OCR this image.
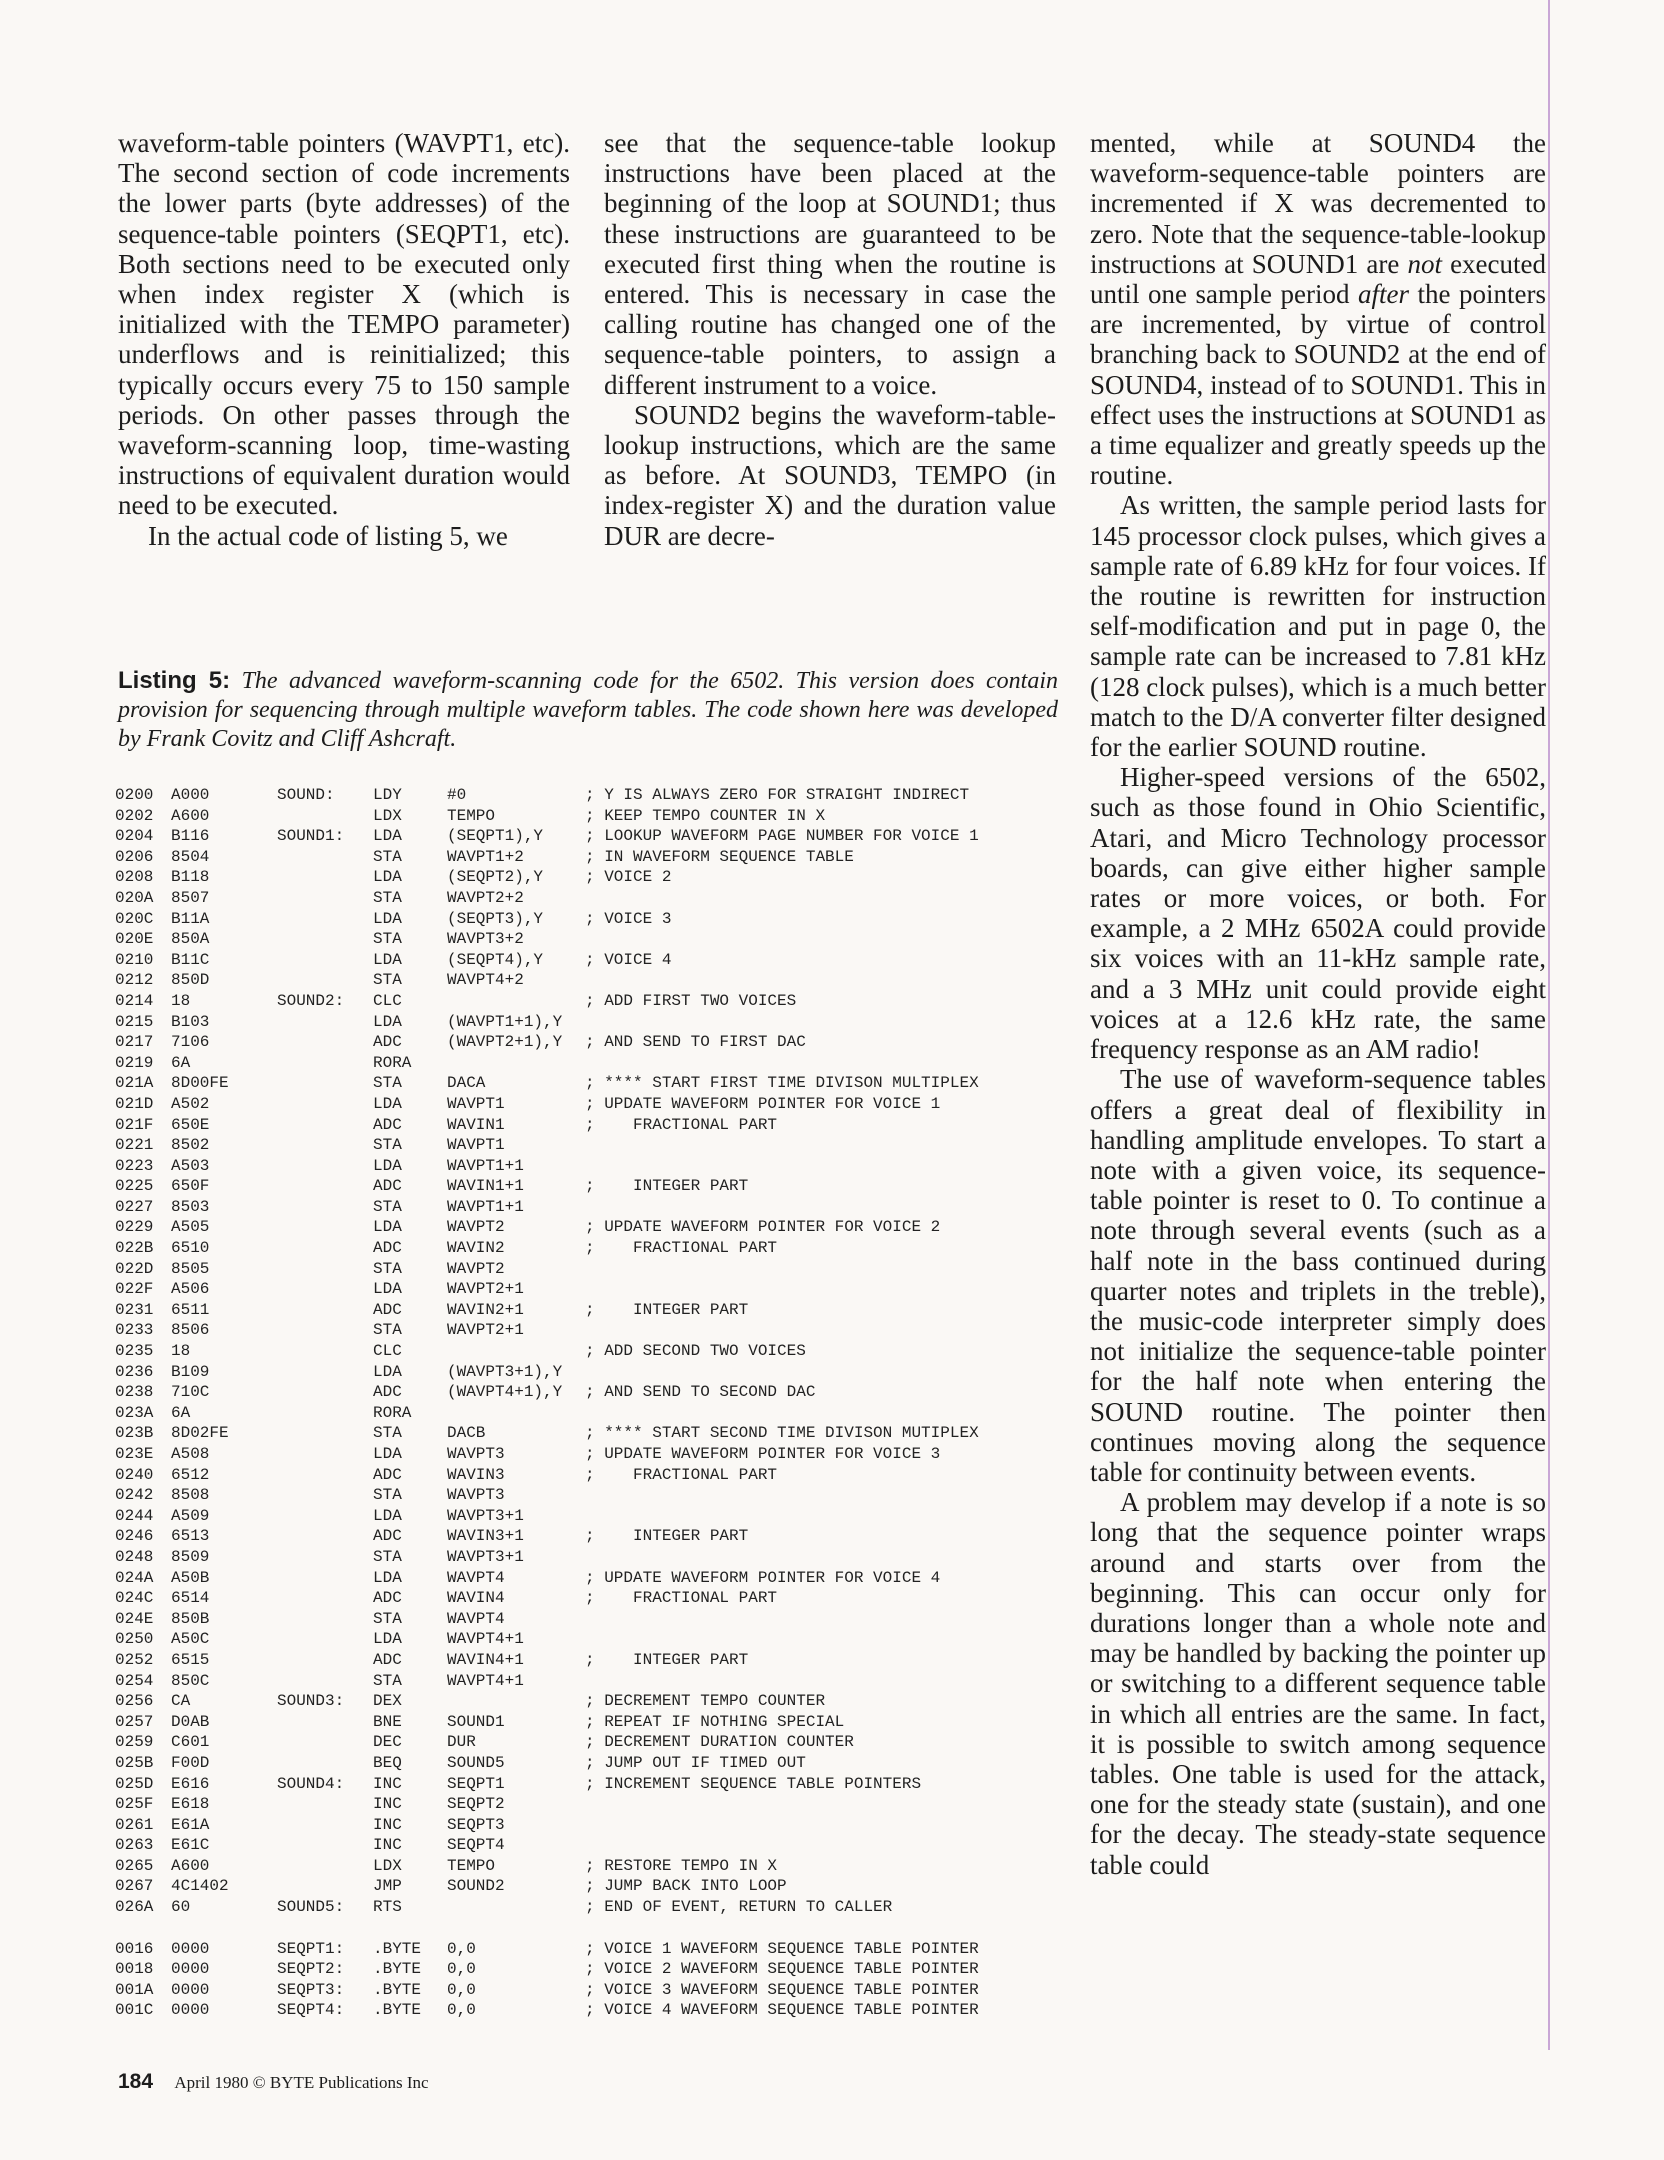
waveform-table pointers (WAVPT1, etc). The second section of code increments the lower parts (byte addresses) of the sequence-table pointers (SEQPT1, etc). Both sections need to be executed only when index register X (which is initialized with the TEMPO parameter) underflows and is reinitialized; this typically occurs every 75 to 150 sample periods. On other passes through the waveform-scanning loop, time-wasting instructions of equivalent duration would need to be executed.

In the actual code of listing 5, we

see that the sequence-table lookup instructions have been placed at the beginning of the loop at SOUND1; thus these instructions are guaranteed to be executed first thing when the routine is entered. This is necessary in case the calling routine has changed one of the sequence-table pointers, to assign a different instrument to a voice.

SOUND2 begins the waveform-table-lookup instructions, which are the same as before. At SOUND3, TEMPO (in index-register X) and the duration value DUR are decre-

mented, while at SOUND4 the waveform-sequence-table pointers are incremented if X was decremented to zero. Note that the sequence-table-lookup instructions at SOUND1 are not executed until one sample period after the pointers are incremented, by virtue of control branching back to SOUND2 at the end of SOUND4, instead of to SOUND1. This in effect uses the instructions at SOUND1 as a time equalizer and greatly speeds up the routine.

As written, the sample period lasts for 145 processor clock pulses, which gives a sample rate of 6.89 kHz for four voices. If the routine is rewritten for instruction self-modification and put in page 0, the sample rate can be increased to 7.81 kHz (128 clock pulses), which is a much better match to the D/A converter filter designed for the earlier SOUND routine.

Higher-speed versions of the 6502, such as those found in Ohio Scientific, Atari, and Micro Technology processor boards, can give either higher sample rates or more voices, or both. For example, a 2 MHz 6502A could provide six voices with an 11-kHz sample rate, and a 3 MHz unit could provide eight voices at a 12.6 kHz rate, the same frequency response as an AM radio!

The use of waveform-sequence tables offers a great deal of flexibility in handling amplitude envelopes. To start a note with a given voice, its sequence-table pointer is reset to 0. To continue a note through several events (such as a half note in the bass continued during quarter notes and triplets in the treble), the music-code interpreter simply does not initialize the sequence-table pointer for the half note when entering the SOUND routine. The pointer then continues moving along the sequence table for continuity between events.

A problem may develop if a note is so long that the sequence pointer wraps around and starts over from the beginning. This can occur only for durations longer than a whole note and may be handled by backing the pointer up or switching to a different sequence table in which all entries are the same. In fact, it is possible to switch among sequence tables. One table is used for the attack, one for the steady state (sustain), and one for the decay. The steady-state sequence table could

Listing 5: The advanced waveform-scanning code for the 6502. This version does contain provision for sequencing through multiple waveform tables. The code shown here was developed by Frank Covitz and Cliff Ashcraft.
0200 A000	SOUND: LDY	#0	; Y IS ALWAYS ZERO FOR STRAIGHT INDIRECT
0202 A600	LDX	TEMPO	; KEEP TEMPO COUNTER IN X
0204 B116	SOUND1: LDA	(SEQPT1),Y	; LOOKUP WAVEFORM PAGE NUMBER FOR VOICE 1
0206 8504	STA	WAVPT1+2	; IN WAVEFORM SEQUENCE TABLE
0208 B118	LDA	(SEQPT2),Y	; VOICE 2
020A 8507	STA	WAVPT2+2
020C B11A	LDA	(SEQPT3),Y	; VOICE 3
020E 850A	STA	WAVPT3+2
0210 B11C	LDA	(SEQPT4),Y	; VOICE 4
0212 850D	STA	WAVPT4+2
0214 18	SOUND2: CLC	; ADD FIRST TWO VOICES
0215 B103	LDA	(WAVPT1+1),Y
0217 7106	ADC	(WAVPT2+1),Y ; AND SEND TO FIRST DAC
0219 6A	RORA
021A 8D00FE	STA	DACA	; **** START FIRST TIME DIVISON MULTIPLEX
021D A502	LDA	WAVPT1	; UPDATE WAVEFORM POINTER FOR VOICE 1
021F 650E	ADC	WAVIN1	;    FRACTIONAL PART
0221 8502	STA	WAVPT1
0223 A503	LDA	WAVPT1+1
0225 650F	ADC	WAVIN1+1	;    INTEGER PART
0227 8503	STA	WAVPT1+1
0229 A505	LDA	WAVPT2	; UPDATE WAVEFORM POINTER FOR VOICE 2
022B 6510	ADC	WAVIN2	;    FRACTIONAL PART
022D 8505	STA	WAVPT2
022F A506	LDA	WAVPT2+1
0231 6511	ADC	WAVIN2+1	;    INTEGER PART
0233 8506	STA	WAVPT2+1
0235 18	CLC	; ADD SECOND TWO VOICES
0236 B109	LDA	(WAVPT3+1),Y
0238 710C	ADC	(WAVPT4+1),Y ; AND SEND TO SECOND DAC
023A 6A	RORA
023B 8D02FE	STA	DACB	; **** START SECOND TIME DIVISON MUTIPLEX
023E A508	LDA	WAVPT3	; UPDATE WAVEFORM POINTER FOR VOICE 3
0240 6512	ADC	WAVIN3	;    FRACTIONAL PART
0242 8508	STA	WAVPT3
0244 A509	LDA	WAVPT3+1
0246 6513	ADC	WAVIN3+1	;    INTEGER PART
0248 8509	STA	WAVPT3+1
024A A50B	LDA	WAVPT4	; UPDATE WAVEFORM POINTER FOR VOICE 4
024C 6514	ADC	WAVIN4	;    FRACTIONAL PART
024E 850B	STA	WAVPT4
0250 A50C	LDA	WAVPT4+1
0252 6515	ADC	WAVIN4+1	;    INTEGER PART
0254 850C	STA	WAVPT4+1
0256 CA	SOUND3: DEX	; DECREMENT TEMPO COUNTER
0257 D0AB	BNE	SOUND1	; REPEAT IF NOTHING SPECIAL
0259 C601	DEC	DUR	; DECREMENT DURATION COUNTER
025B F00D	BEQ	SOUND5	; JUMP OUT IF TIMED OUT
025D E616	SOUND4: INC	SEQPT1	; INCREMENT SEQUENCE TABLE POINTERS
025F E618	INC	SEQPT2
0261 E61A	INC	SEQPT3
0263 E61C	INC	SEQPT4
0265 A600	LDX	TEMPO	; RESTORE TEMPO IN X
0267 4C1402	JMP	SOUND2	; JUMP BACK INTO LOOP
026A 60	SOUND5: RTS	; END OF EVENT, RETURN TO CALLER
0016 0000	SEQPT1: .BYTE 0,0	; VOICE 1 WAVEFORM SEQUENCE TABLE POINTER
0018 0000	SEQPT2: .BYTE 0,0	; VOICE 2 WAVEFORM SEQUENCE TABLE POINTER
001A 0000	SEQPT3: .BYTE 0,0	; VOICE 3 WAVEFORM SEQUENCE TABLE POINTER
001C 0000	SEQPT4: .BYTE 0,0	; VOICE 4 WAVEFORM SEQUENCE TABLE POINTER
184 April 1980 © BYTE Publications Inc
